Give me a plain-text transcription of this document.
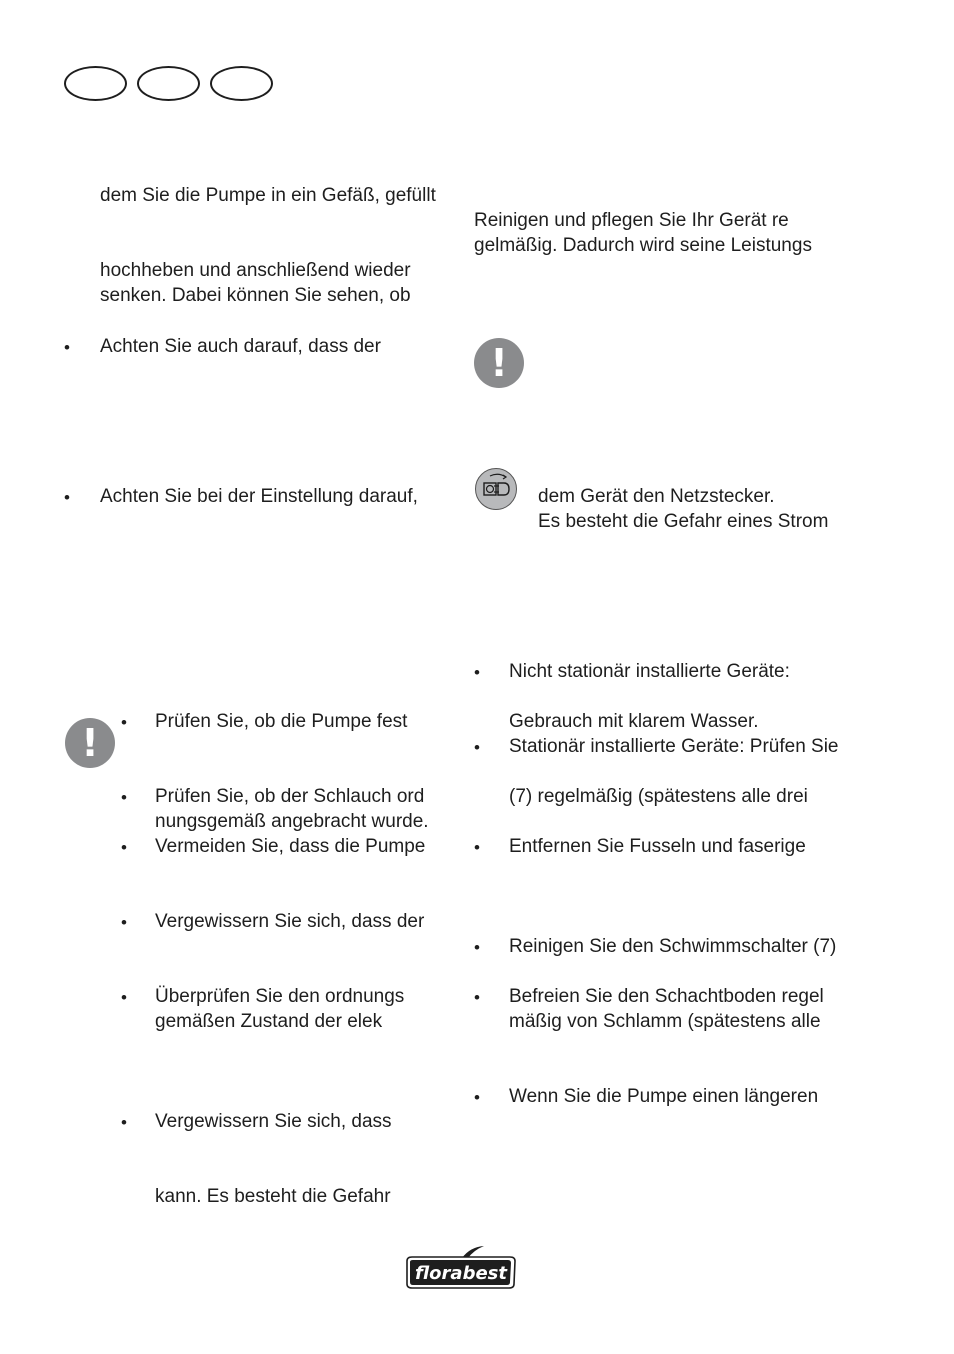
dem Sie die Pumpe in ein Gefäß, gefüllt
hochheben und anschließend wieder
senken. Dabei können Sie sehen, ob
• Achten Sie auch darauf, dass der
• Achten Sie bei der Einstellung darauf,
!	• Prüfen Sie, ob die Pumpe fest
• Prüfen Sie, ob der Schlauch ord
nungsgemäß angebracht wurde.
• Vermeiden Sie, dass die Pumpe
• Vergewissern Sie sich, dass der
• Überprüfen Sie den ordnungs
gemäßen Zustand der elek
• Vergewissern Sie sich, dass
kann. Es besteht die Gefahr
Reinigen und pflegen Sie Ihr Gerät re
gelmäßig. Dadurch wird seine Leistungs
!
dem Gerät den Netzstecker.
Es besteht die Gefahr eines Strom
• Nicht stationär installierte Geräte:
Gebrauch mit klarem Wasser.
• Stationär installierte Geräte: Prüfen Sie
(7) regelmäßig (spätestens alle drei
• Entfernen Sie Fusseln und faserige
• Reinigen Sie den Schwimmschalter (7)
• Befreien Sie den Schachtboden regel
mäßig von Schlamm (spätestens alle
• Wenn Sie die Pumpe einen längeren
florabest
